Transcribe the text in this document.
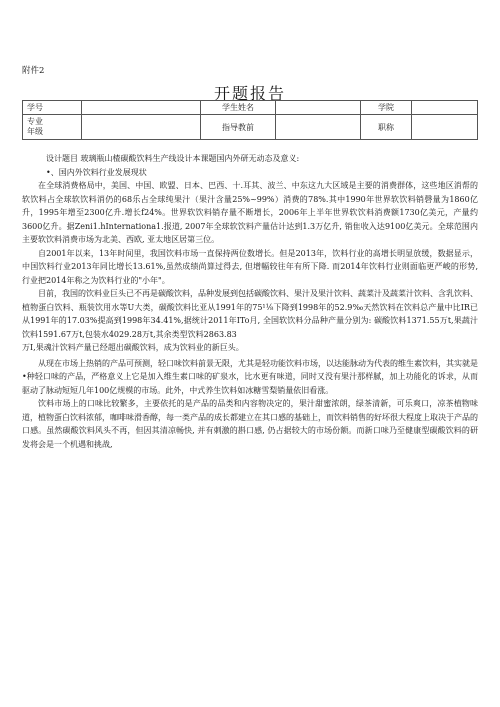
附件2
开题报告
学号		学生姓名		学院	

专业
年级		指导教前		职称	

设计题目 玻璃瓶山楂碳酸饮料生产线设计本课题国内外研无动态及意义:

•、国内外饮料行业发展现状

在全球消费格局中，美国、中国、欧盟、日本、巴西、十.耳其、波兰、中东这九大区域是主要的消费群体，这些地区消帮的软饮料占全球软饮料消仍的68乐占全球纯果汁（果汁含量25%~99%）消费的78%.其中1990年世界软饮料销磬量为1860亿升，1995年增至2300亿升.增长f24%。世界软饮料销存量不断增长，2006年上半年世界软饮料消费额1730亿美元，产量约3600亿升。据Zeni1.hInternationa1.报道, 2007年全球软饮料产量估计达到1.3万亿升, 销隹收入达9100亿美元。全球范围内主要软饮料消费市场为北美、西欧, 亚太地区居第三位。

自2001年以来，13年时间里，我国饮料市场一直保持两位数增长。但是2013年，饮料行业的高增长明显放缓，数据显示，中国饮料行业2013年同比增长13.61%,虽然成绩尚算过得去, 但增幅较往年有所下降. 而2014年饮料行业则面临更严峻的形势, 行业把2014年称之为饮料行业的"小年"。

目前，我国的饮料业巨头已不再是碳酸饮料，品种发展到包括碳酸饮料、果汁及果汁饮料、蔬菜汁及蔬菜汁饮料、含乳饮料、植物蛋白饮料、瓶装饮用水等U大类，碳酸饮料比亚从1991年的75¹⅛下降到1998年的52.9‰天然饮料在饮料总产量中比IR已从1991年的17.03%提高到1998年34.41%,据统计2011年ITo月, 全国软饮料分品种产量分别为: 碳酸饮料1371.55万t,果蔬汁饮料1591.67万t,包装水4029.28万t,其余类型饮料2863.83

万I,果魂汁饮料产量已经超出碳酸饮料，成为饮料业的新巨头。

从现在市场上热销的产品可预测，轻口味饮料前景无限，尤其是轻功能饮料市场，以达能脉动为代表的维生素饮料，其实就是•种轻口味的产品，严格意义上它是加入维生素口味的矿泉水，比水更有味道，同时又没有果汁那样腻，加上功能化的诉求，从而驱动了脉动短短几年100亿规模的市场。此外，中式养生饮料如冰糖雪梨销量依旧看涨。

饮料市场上的口味比较繁多，主要依托的是产品的品类和内容物决定的，果汁甜蜜浓朗，绿茶清新，可乐爽口，凉茶植物味道，植物蛋白饮料浓郁，咖啡味滑香醇，每一类产品的成长都建立在其口感的基础上，而饮料销售的好坏很大程度上取决于产品的口感。虽然碳酸饮料风头不再，但因其清凉畅快, 并有刺激的斟口感, 仍占据较大的市场份额。而新口味乃至健康型碳酸饮料的研发将会是一个机遇和挑战,
